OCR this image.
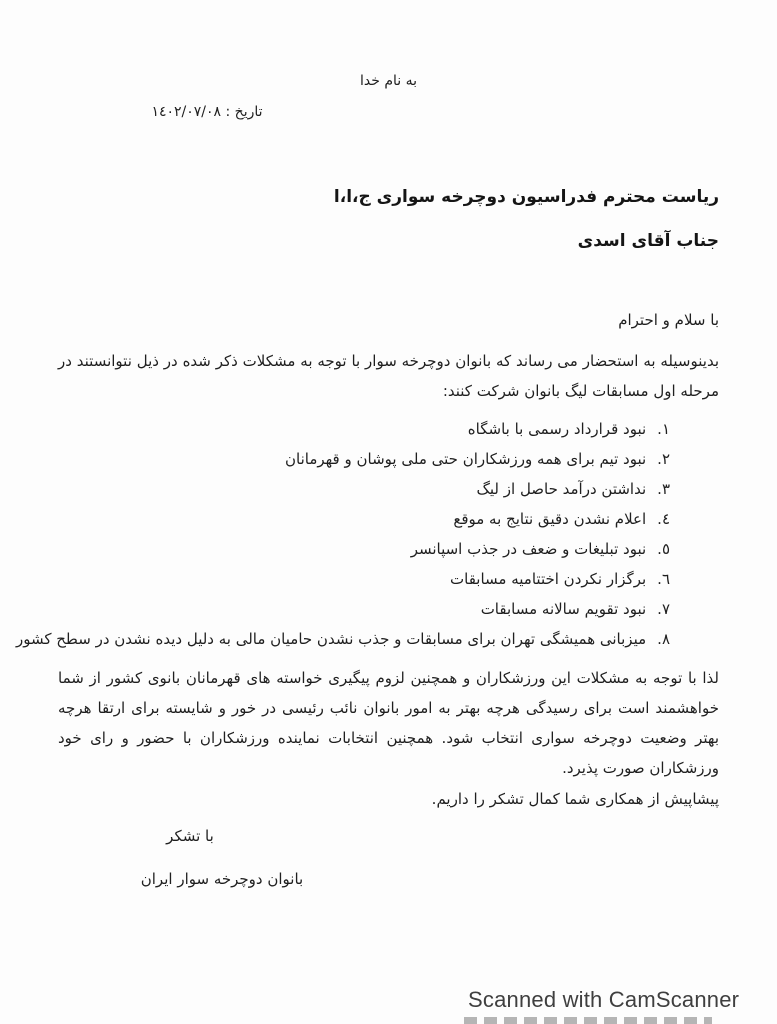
به نام خدا
تاریخ : ١٤٠٢/٠٧/٠٨
ریاست محترم فدراسیون دوچرخه سواری ج،ا،ا
جناب آقای اسدی
با سلام و احترام
بدینوسیله به استحضار می رساند که بانوان دوچرخه سوار با توجه به مشکلات ذکر شده در ذیل نتوانستند در
مرحله اول مسابقات لیگ بانوان شرکت کنند:
١.نبود قرارداد رسمی با باشگاه
٢.نبود تیم برای همه ورزشکاران حتی ملی پوشان و قهرمانان
٣.نداشتن درآمد حاصل از لیگ
٤.اعلام نشدن دقیق نتایج به موقع
٥.نبود تبلیغات و ضعف در جذب اسپانسر
٦.برگزار نکردن اختتامیه مسابقات
٧.نبود تقویم سالانه مسابقات
٨.میزبانی همیشگی تهران برای مسابقات و جذب نشدن حامیان مالی به دلیل دیده نشدن در سطح کشور
لذا با توجه به مشکلات این ورزشکاران و همچنین لزوم پیگیری خواسته های قهرمانان بانوی کشور از شما
خواهشمند است برای رسیدگی هرچه بهتر به امور بانوان نائب رئیسی در خور و شایسته برای ارتقا هرچه
بهتر وضعیت دوچرخه سواری انتخاب شود. همچنین انتخابات نماینده ورزشکاران با حضور و رای خود
ورزشکاران صورت پذیرد.
پیشاپیش از همکاری شما کمال تشکر را داریم.
با تشکر
بانوان دوچرخه سوار ایران
Scanned with CamScanner
